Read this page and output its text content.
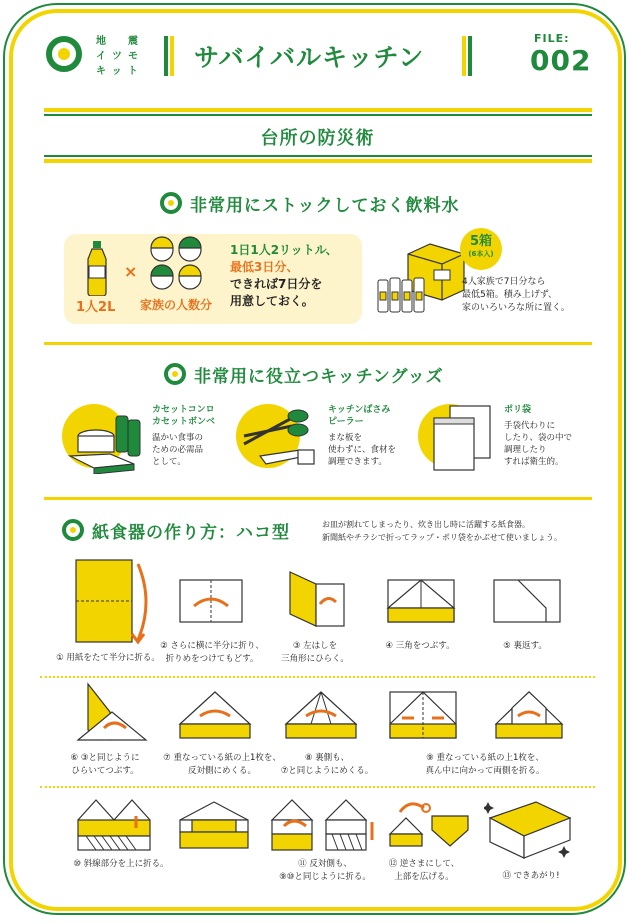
地　震
イツモ
キット サバイバルキッチン
FILE:
002
台所の防災術
非常用にストックしておく飲料水
1人2L
×
家族の人数分
1日1人2リットル、
最低3日分、
できれば7日分を
用意しておく。
5箱
(6本入)
4人家族で7日分なら
最低5箱。積み上げず、
家のいろいろな所に置く。
非常用に役立つキッチングッズ
カセットコンロ
カセットボンベ
温かい食事の
ための必需品
として。
キッチンばさみ
ピーラー
まな板を
使わずに、食材を
調理できます。
ポリ袋
手袋代わりに
したり、袋の中で
調理したり
すれば衛生的。
紙食器の作り方：ハコ型	お皿が割れてしまったり、炊き出し時に活躍する紙食器。
新聞紙やチラシで折ってラップ・ポリ袋をかぶせて使いましょう。
① 用紙をたて半分に折る。
② さらに横に半分に折り、
折りめをつけてもどす。
③ 左はしを
三角形にひらく。
④ 三角をつぶす。	⑤ 裏返す。
⑥ ③と同じように
ひらいてつぶす。
⑦ 重なっている紙の上1枚を、
反対側にめくる。
⑧ 裏側も、
⑦と同じようにめくる。
⑨ 重なっている紙の上1枚を、
真ん中に向かって両側を折る。
⑩ 斜線部分を上に折る。	⑪ 反対側も、
⑨⑩と同じように折る。
⑫ 逆さまにして、
上部を広げる。	⑬ できあがり!
